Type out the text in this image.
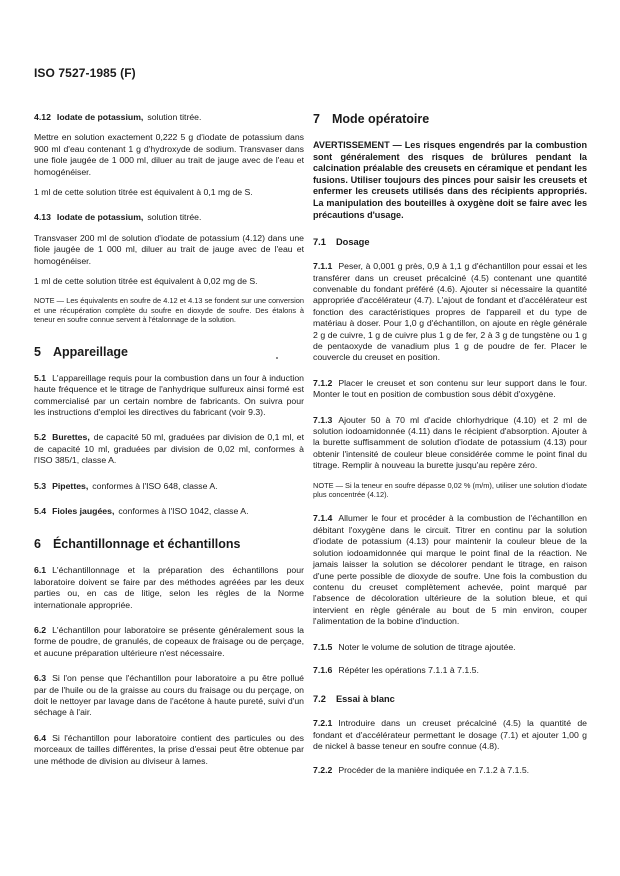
ISO 7527-1985 (F)

4.12 Iodate de potassium, solution titrée.

Mettre en solution exactement 0,222 5 g d'iodate de potassium dans 900 ml d'eau contenant 1 g d'hydroxyde de sodium. Transvaser dans une fiole jaugée de 1 000 ml, diluer au trait de jauge avec de l'eau et homogénéiser.

1 ml de cette solution titrée est équivalent à 0,1 mg de S.

4.13 Iodate de potassium, solution titrée.

Transvaser 200 ml de solution d'iodate de potassium (4.12) dans une fiole jaugée de 1 000 ml, diluer au trait de jauge avec de l'eau et homogénéiser.

1 ml de cette solution titrée est équivalent à 0,02 mg de S.

NOTE — Les équivalents en soufre de 4.12 et 4.13 se fondent sur une conversion et une récupération complète du soufre en dioxyde de soufre. Des étalons à teneur en soufre connue servent à l'étalonnage de la solution.

5 Appareillage

5.1 L'appareillage requis pour la combustion dans un four à induction haute fréquence et le titrage de l'anhydrique sulfureux ainsi formé est commercialisé par un certain nombre de fabricants. On suivra pour les instructions d'emploi les directives du fabricant (voir 9.3).

5.2 Burettes, de capacité 50 ml, graduées par division de 0,1 ml, et de capacité 10 ml, graduées par division de 0,02 ml, conformes à l'ISO 385/1, classe A.

5.3 Pipettes, conformes à l'ISO 648, classe A.

5.4 Fioles jaugées, conformes à l'ISO 1042, classe A.

6 Échantillonnage et échantillons

6.1 L'échantillonnage et la préparation des échantillons pour laboratoire doivent se faire par des méthodes agréées par les deux parties ou, en cas de litige, selon les règles de la Norme internationale appropriée.

6.2 L'échantillon pour laboratoire se présente généralement sous la forme de poudre, de granulés, de copeaux de fraisage ou de perçage, et aucune préparation ultérieure n'est nécessaire.

6.3 Si l'on pense que l'échantillon pour laboratoire a pu être pollué par de l'huile ou de la graisse au cours du fraisage ou du perçage, on doit le nettoyer par lavage dans de l'acétone à haute pureté, suivi d'un séchage à l'air.

6.4 Si l'échantillon pour laboratoire contient des particules ou des morceaux de tailles différentes, la prise d'essai peut être obtenue par une méthode de division au diviseur à lames.

7 Mode opératoire

AVERTISSEMENT — Les risques engendrés par la combustion sont généralement des risques de brûlures pendant la calcination préalable des creusets en céramique et pendant les fusions. Utiliser toujours des pinces pour saisir les creusets et enfermer les creusets utilisés dans des récipients appropriés. La manipulation des bouteilles à oxygène doit se faire avec les précautions d'usage.

7.1 Dosage

7.1.1 Peser, à 0,001 g près, 0,9 à 1,1 g d'échantillon pour essai et les transférer dans un creuset précalciné (4.5) contenant une quantité convenable du fondant préféré (4.6). Ajouter si nécessaire la quantité appropriée d'accélérateur (4.7). L'ajout de fondant et d'accélérateur est fonction des caractéristiques propres de l'appareil et du type de matériau à doser. Pour 1,0 g d'échantillon, on ajoute en règle générale 2 g de cuivre, 1 g de cuivre plus 1 g de fer, 2 à 3 g de tungstène ou 1 g de pentaoxyde de vanadium plus 1 g de poudre de fer. Placer le couvercle du creuset en position.

7.1.2 Placer le creuset et son contenu sur leur support dans le four. Monter le tout en position de combustion sous débit d'oxygène.

7.1.3 Ajouter 50 à 70 ml d'acide chlorhydrique (4.10) et 2 ml de solution iodoamidonnée (4.11) dans le récipient d'absorption. Ajouter à la burette suffisamment de solution d'iodate de potassium (4.13) pour obtenir l'intensité de couleur bleue considérée comme le point final du titrage. Remplir à nouveau la burette jusqu'au repère zéro.

NOTE — Si la teneur en soufre dépasse 0,02 % (m/m), utiliser une solution d'iodate plus concentrée (4.12).

7.1.4 Allumer le four et procéder à la combustion de l'échantillon en débitant l'oxygène dans le circuit. Titrer en continu par la solution d'iodate de potassium (4.13) pour maintenir la couleur bleue de la solution iodoamidonnée qui marque le point final de la réaction. Ne jamais laisser la solution se décolorer pendant le titrage, en raison d'une perte possible de dioxyde de soufre. Une fois la combustion du contenu du creuset complètement achevée, point marqué par l'absence de décoloration ultérieure de la solution bleue, et qui intervient en règle générale au bout de 5 min environ, couper l'alimentation de la bobine d'induction.

7.1.5 Noter le volume de solution de titrage ajoutée.

7.1.6 Répéter les opérations 7.1.1 à 7.1.5.

7.2 Essai à blanc

7.2.1 Introduire dans un creuset précalciné (4.5) la quantité de fondant et d'accélérateur permettant le dosage (7.1) et ajouter 1,00 g de nickel à basse teneur en soufre connue (4.8).

7.2.2 Procéder de la manière indiquée en 7.1.2 à 7.1.5.
